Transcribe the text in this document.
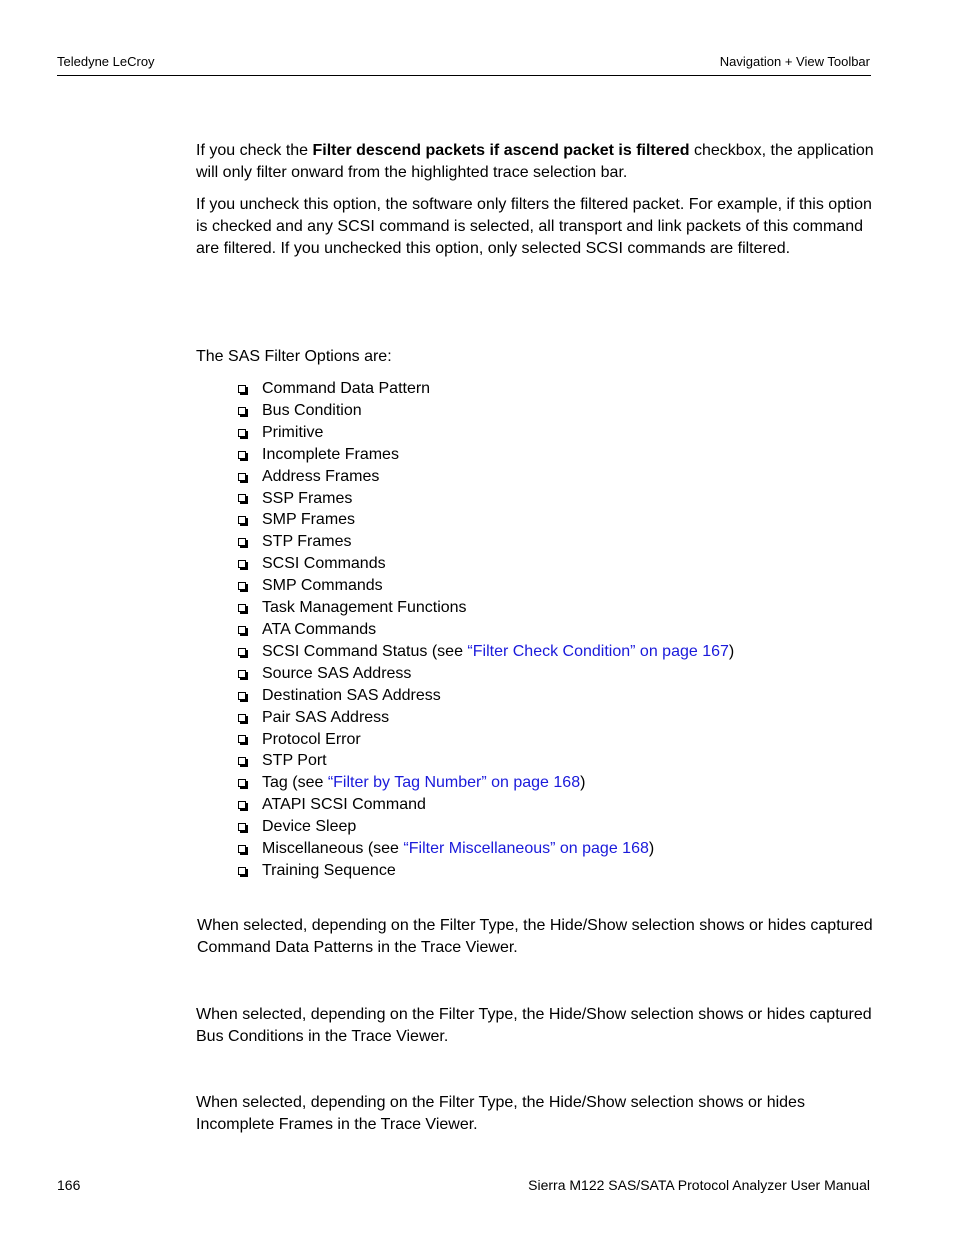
Teledyne LeCroy	Navigation + View Toolbar

If you check the Filter descend packets if ascend packet is filtered checkbox, the application will only filter onward from the highlighted trace selection bar.

If you uncheck this option, the software only filters the filtered packet. For example, if this option is checked and any SCSI command is selected, all transport and link packets of this command are filtered. If you unchecked this option, only selected SCSI commands are filtered.

The SAS Filter Options are:

Command Data Pattern
Bus Condition
Primitive
Incomplete Frames
Address Frames
SSP Frames
SMP Frames
STP Frames
SCSI Commands
SMP Commands
Task Management Functions
ATA Commands
SCSI Command Status (see “Filter Check Condition” on page 167)
Source SAS Address
Destination SAS Address
Pair SAS Address
Protocol Error
STP Port
Tag (see “Filter by Tag Number” on page 168)
ATAPI SCSI Command
Device Sleep
Miscellaneous (see “Filter Miscellaneous” on page 168)
Training Sequence

When selected, depending on the Filter Type, the Hide/Show selection shows or hides captured Command Data Patterns in the Trace Viewer.

When selected, depending on the Filter Type, the Hide/Show selection shows or hides captured Bus Conditions in the Trace Viewer.

When selected, depending on the Filter Type, the Hide/Show selection shows or hides Incomplete Frames in the Trace Viewer.

166	Sierra M122 SAS/SATA Protocol Analyzer User Manual
